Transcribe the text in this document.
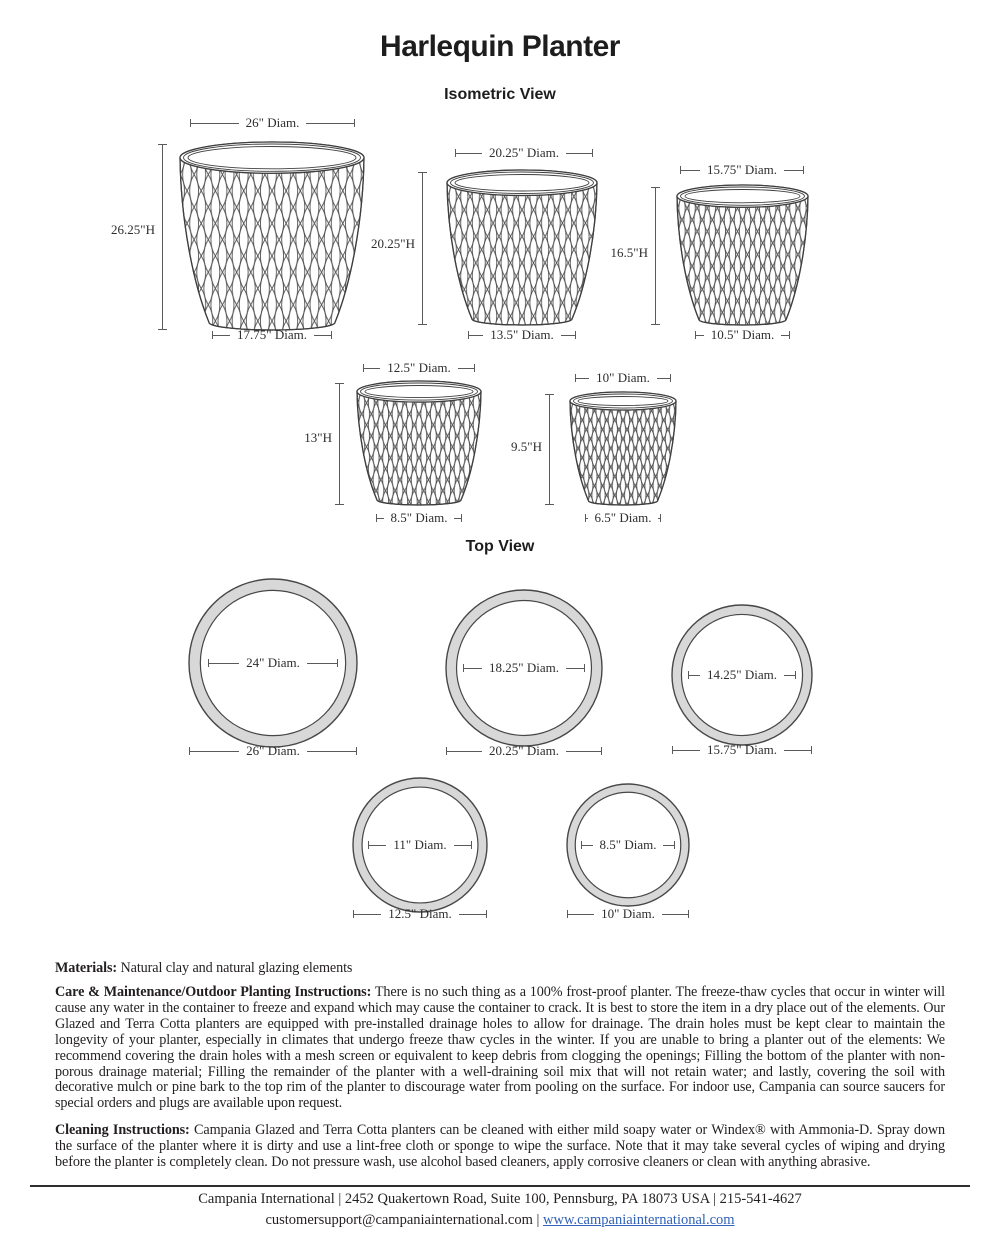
Harlequin Planter
Isometric View
Top View
26" Diam.
17.75" Diam.
26.25"H
20.25" Diam.
13.5" Diam.
20.25"H
15.75" Diam.
10.5" Diam.
16.5"H
12.5" Diam.
8.5" Diam.
13"H
10" Diam.
6.5" Diam.
9.5"H
24" Diam.
26" Diam.
18.25" Diam.
20.25" Diam.
14.25" Diam.
15.75" Diam.
11" Diam.
12.5" Diam.
8.5" Diam.
10" Diam.
Materials: Natural clay and natural glazing elements
Care & Maintenance/Outdoor Planting Instructions: There is no such thing as a 100% frost-proof planter. The freeze-thaw cycles that occur in winter will cause any water in the container to freeze and expand which may cause the container to crack. It is best to store the item in a dry place out of the elements. Our Glazed and Terra Cotta planters are equipped with pre-installed drainage holes to allow for drainage. The drain holes must be kept clear to maintain the longevity of your planter, especially in climates that undergo freeze thaw cycles in the winter. If you are unable to bring a planter out of the elements: We recommend covering the drain holes with a mesh screen or equivalent to keep debris from clogging the openings; Filling the bottom of the planter with non-porous drainage material; Filling the remainder of the planter with a well-draining soil mix that will not retain water; and lastly, covering the soil with decorative mulch or pine bark to the top rim of the planter to discourage water from pooling on the surface. For indoor use, Campania can source saucers for special orders and plugs are available upon request.
Cleaning Instructions: Campania Glazed and Terra Cotta planters can be cleaned with either mild soapy water or Windex® with Ammonia-D. Spray down the surface of the planter where it is dirty and use a lint-free cloth or sponge to wipe the surface. Note that it may take several cycles of wiping and drying before the planter is completely clean. Do not pressure wash, use alcohol based cleaners, apply corrosive cleaners or clean with anything abrasive.
Campania International | 2452 Quakertown Road, Suite 100, Pennsburg, PA 18073 USA | 215-541-4627
customersupport@campaniainternational.com | www.campaniainternational.com
